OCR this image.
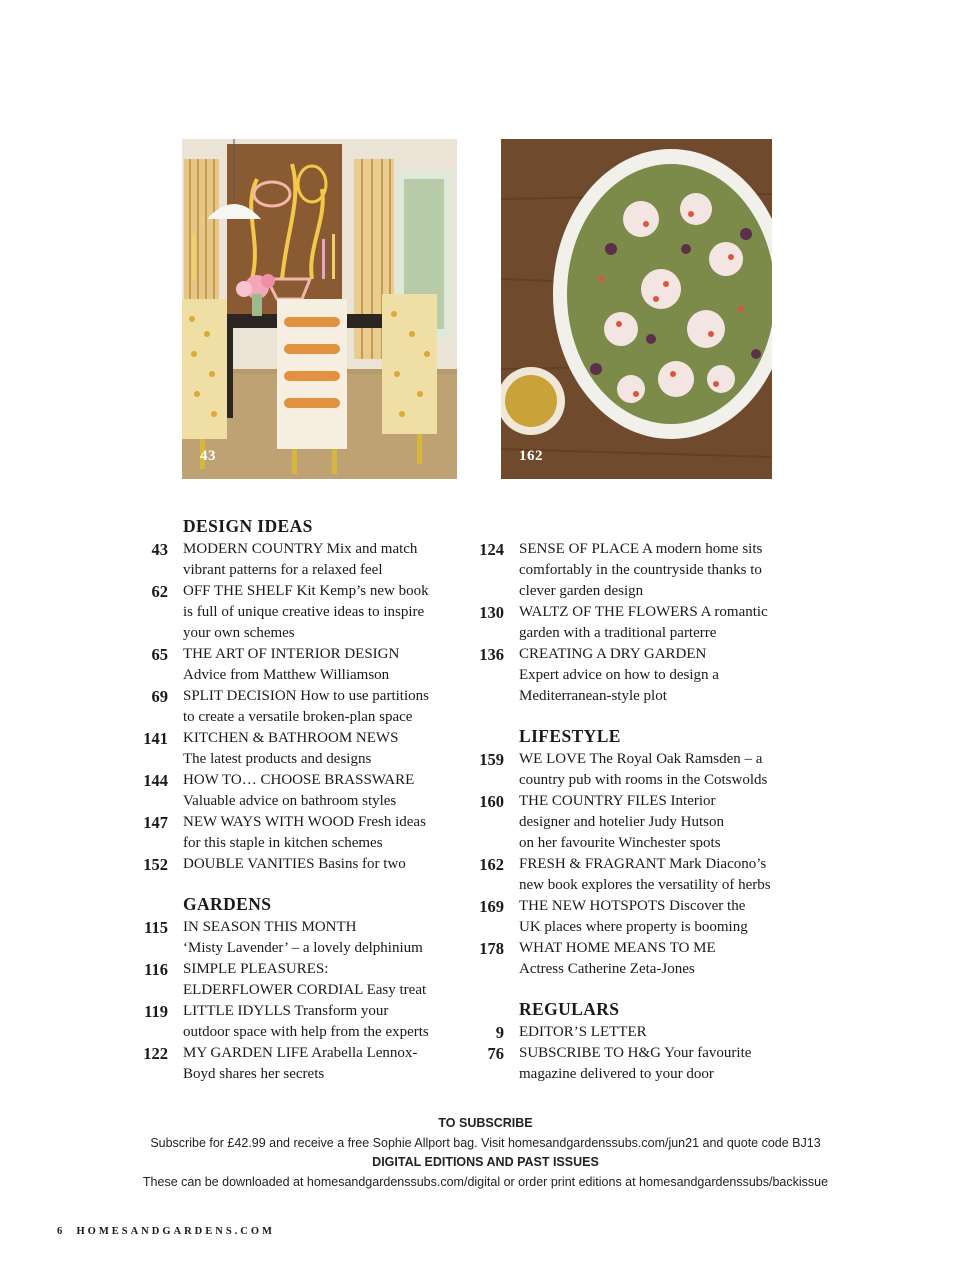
43	162
DESIGN IDEAS
43 MODERN COUNTRY Mix and match
vibrant patterns for a relaxed feel
62 OFF THE SHELF Kit Kemp’s new book
is full of unique creative ideas to inspire
your own schemes
65 THE ART OF INTERIOR DESIGN
Advice from Matthew Williamson
69 SPLIT DECISION How to use partitions
to create a versatile broken-plan space
141 KITCHEN & BATHROOM NEWS
The latest products and designs
144 HOW TO… CHOOSE BRASSWARE
Valuable advice on bathroom styles
147 NEW WAYS WITH WOOD Fresh ideas
for this staple in kitchen schemes
152 DOUBLE VANITIES Basins for two
GARDENS
115 IN SEASON THIS MONTH
‘Misty Lavender’ – a lovely delphinium
116 SIMPLE PLEASURES:
ELDERFLOWER CORDIAL Easy treat
119 LITTLE IDYLLS Transform your
outdoor space with help from the experts
122 MY GARDEN LIFE Arabella Lennox-
Boyd shares her secrets
124 SENSE OF PLACE A modern home sits
comfortably in the countryside thanks to
clever garden design
130 WALTZ OF THE FLOWERS A romantic
garden with a traditional parterre
136 CREATING A DRY GARDEN
Expert advice on how to design a
Mediterranean-style plot
LIFESTYLE
159 WE LOVE The Royal Oak Ramsden – a
country pub with rooms in the Cotswolds
160 THE COUNTRY FILES Interior
designer and hotelier Judy Hutson
on her favourite Winchester spots
162 FRESH & FRAGRANT Mark Diacono’s
new book explores the versatility of herbs
169 THE NEW HOTSPOTS Discover the
UK places where property is booming
178 WHAT HOME MEANS TO ME
Actress Catherine Zeta-Jones
REGULARS
9 EDITOR’S LETTER
76 SUBSCRIBE TO H&G Your favourite
magazine delivered to your door
TO SUBSCRIBE
Subscribe for £42.99 and receive a free Sophie Allport bag. Visit homesandgardenssubs.com/jun21 and quote code BJ13
DIGITAL EDITIONS AND PAST ISSUES
These can be downloaded at homesandgardenssubs.com/digital or order print editions at homesandgardenssubs/backissue
6 HOMESANDGARDENS.COM
